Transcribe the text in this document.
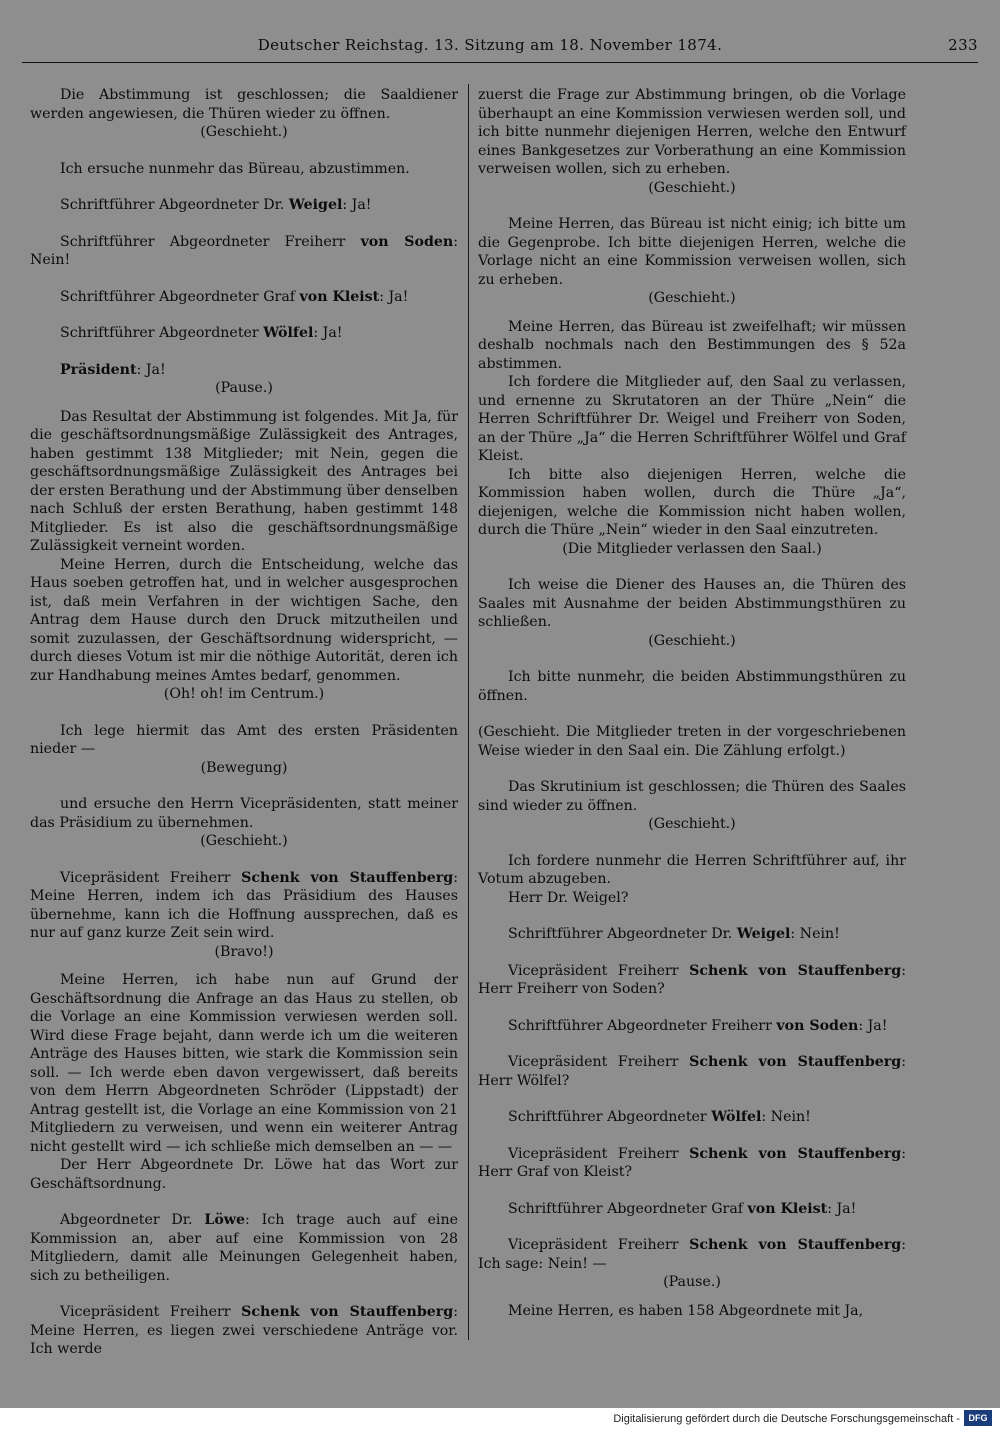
Deutscher Reichstag. 13. Sitzung am 18. November 1874.	233

Die Abstimmung ist geschlossen; die Saaldiener werden angewiesen, die Thüren wieder zu öffnen.

(Geschieht.)

Ich ersuche nunmehr das Büreau, abzustimmen.

Schriftführer Abgeordneter Dr. Weigel: Ja!

Schriftführer Abgeordneter Freiherr von Soden: Nein!

Schriftführer Abgeordneter Graf von Kleist: Ja!

Schriftführer Abgeordneter Wölfel: Ja!

Präsident: Ja!

(Pause.)

Das Resultat der Abstimmung ist folgendes. Mit Ja, für die geschäftsordnungsmäßige Zulässigkeit des Antrages, haben gestimmt 138 Mitglieder; mit Nein, gegen die geschäftsordnungsmäßige Zulässigkeit des Antrages bei der ersten Berathung und der Abstimmung über denselben nach Schluß der ersten Berathung, haben gestimmt 148 Mitglieder. Es ist also die geschäftsordnungsmäßige Zulässigkeit verneint worden.

Meine Herren, durch die Entscheidung, welche das Haus soeben getroffen hat, und in welcher ausgesprochen ist, daß mein Verfahren in der wichtigen Sache, den Antrag dem Hause durch den Druck mitzutheilen und somit zuzulassen, der Geschäftsordnung widerspricht, — durch dieses Votum ist mir die nöthige Autorität, deren ich zur Handhabung meines Amtes bedarf, genommen.

(Oh! oh! im Centrum.)

Ich lege hiermit das Amt des ersten Präsidenten nieder —

(Bewegung)

und ersuche den Herrn Vicepräsidenten, statt meiner das Präsidium zu übernehmen.

(Geschieht.)

Vicepräsident Freiherr Schenk von Stauffenberg: Meine Herren, indem ich das Präsidium des Hauses übernehme, kann ich die Hoffnung aussprechen, daß es nur auf ganz kurze Zeit sein wird.

(Bravo!)

Meine Herren, ich habe nun auf Grund der Geschäftsordnung die Anfrage an das Haus zu stellen, ob die Vorlage an eine Kommission verwiesen werden soll. Wird diese Frage bejaht, dann werde ich um die weiteren Anträge des Hauses bitten, wie stark die Kommission sein soll. — Ich werde eben davon vergewissert, daß bereits von dem Herrn Abgeordneten Schröder (Lippstadt) der Antrag gestellt ist, die Vorlage an eine Kommission von 21 Mitgliedern zu verweisen, und wenn ein weiterer Antrag nicht gestellt wird — ich schließe mich demselben an — —

Der Herr Abgeordnete Dr. Löwe hat das Wort zur Geschäftsordnung.

Abgeordneter Dr. Löwe: Ich trage auch auf eine Kommission an, aber auf eine Kommission von 28 Mitgliedern, damit alle Meinungen Gelegenheit haben, sich zu betheiligen.

Vicepräsident Freiherr Schenk von Stauffenberg: Meine Herren, es liegen zwei verschiedene Anträge vor. Ich werde

zuerst die Frage zur Abstimmung bringen, ob die Vorlage überhaupt an eine Kommission verwiesen werden soll, und ich bitte nunmehr diejenigen Herren, welche den Entwurf eines Bankgesetzes zur Vorberathung an eine Kommission verweisen wollen, sich zu erheben.

(Geschieht.)

Meine Herren, das Büreau ist nicht einig; ich bitte um die Gegenprobe. Ich bitte diejenigen Herren, welche die Vorlage nicht an eine Kommission verweisen wollen, sich zu erheben.

(Geschieht.)

Meine Herren, das Büreau ist zweifelhaft; wir müssen deshalb nochmals nach den Bestimmungen des § 52a abstimmen.

Ich fordere die Mitglieder auf, den Saal zu verlassen, und ernenne zu Skrutatoren an der Thüre „Nein“ die Herren Schriftführer Dr. Weigel und Freiherr von Soden, an der Thüre „Ja“ die Herren Schriftführer Wölfel und Graf Kleist.

Ich bitte also diejenigen Herren, welche die Kommission haben wollen, durch die Thüre „Ja“, diejenigen, welche die Kommission nicht haben wollen, durch die Thüre „Nein“ wieder in den Saal einzutreten.

(Die Mitglieder verlassen den Saal.)

Ich weise die Diener des Hauses an, die Thüren des Saales mit Ausnahme der beiden Abstimmungsthüren zu schließen.

(Geschieht.)

Ich bitte nunmehr, die beiden Abstimmungsthüren zu öffnen.

(Geschieht. Die Mitglieder treten in der vorgeschriebenen Weise wieder in den Saal ein. Die Zählung erfolgt.)

Das Skrutinium ist geschlossen; die Thüren des Saales sind wieder zu öffnen.

(Geschieht.)

Ich fordere nunmehr die Herren Schriftführer auf, ihr Votum abzugeben.

Herr Dr. Weigel?

Schriftführer Abgeordneter Dr. Weigel: Nein!

Vicepräsident Freiherr Schenk von Stauffenberg: Herr Freiherr von Soden?

Schriftführer Abgeordneter Freiherr von Soden: Ja!

Vicepräsident Freiherr Schenk von Stauffenberg: Herr Wölfel?

Schriftführer Abgeordneter Wölfel: Nein!

Vicepräsident Freiherr Schenk von Stauffenberg: Herr Graf von Kleist?

Schriftführer Abgeordneter Graf von Kleist: Ja!

Vicepräsident Freiherr Schenk von Stauffenberg: Ich sage: Nein! —

(Pause.)

Meine Herren, es haben 158 Abgeordnete mit Ja,

Digitalisierung gefördert durch die Deutsche Forschungsgemeinschaft - DFG
